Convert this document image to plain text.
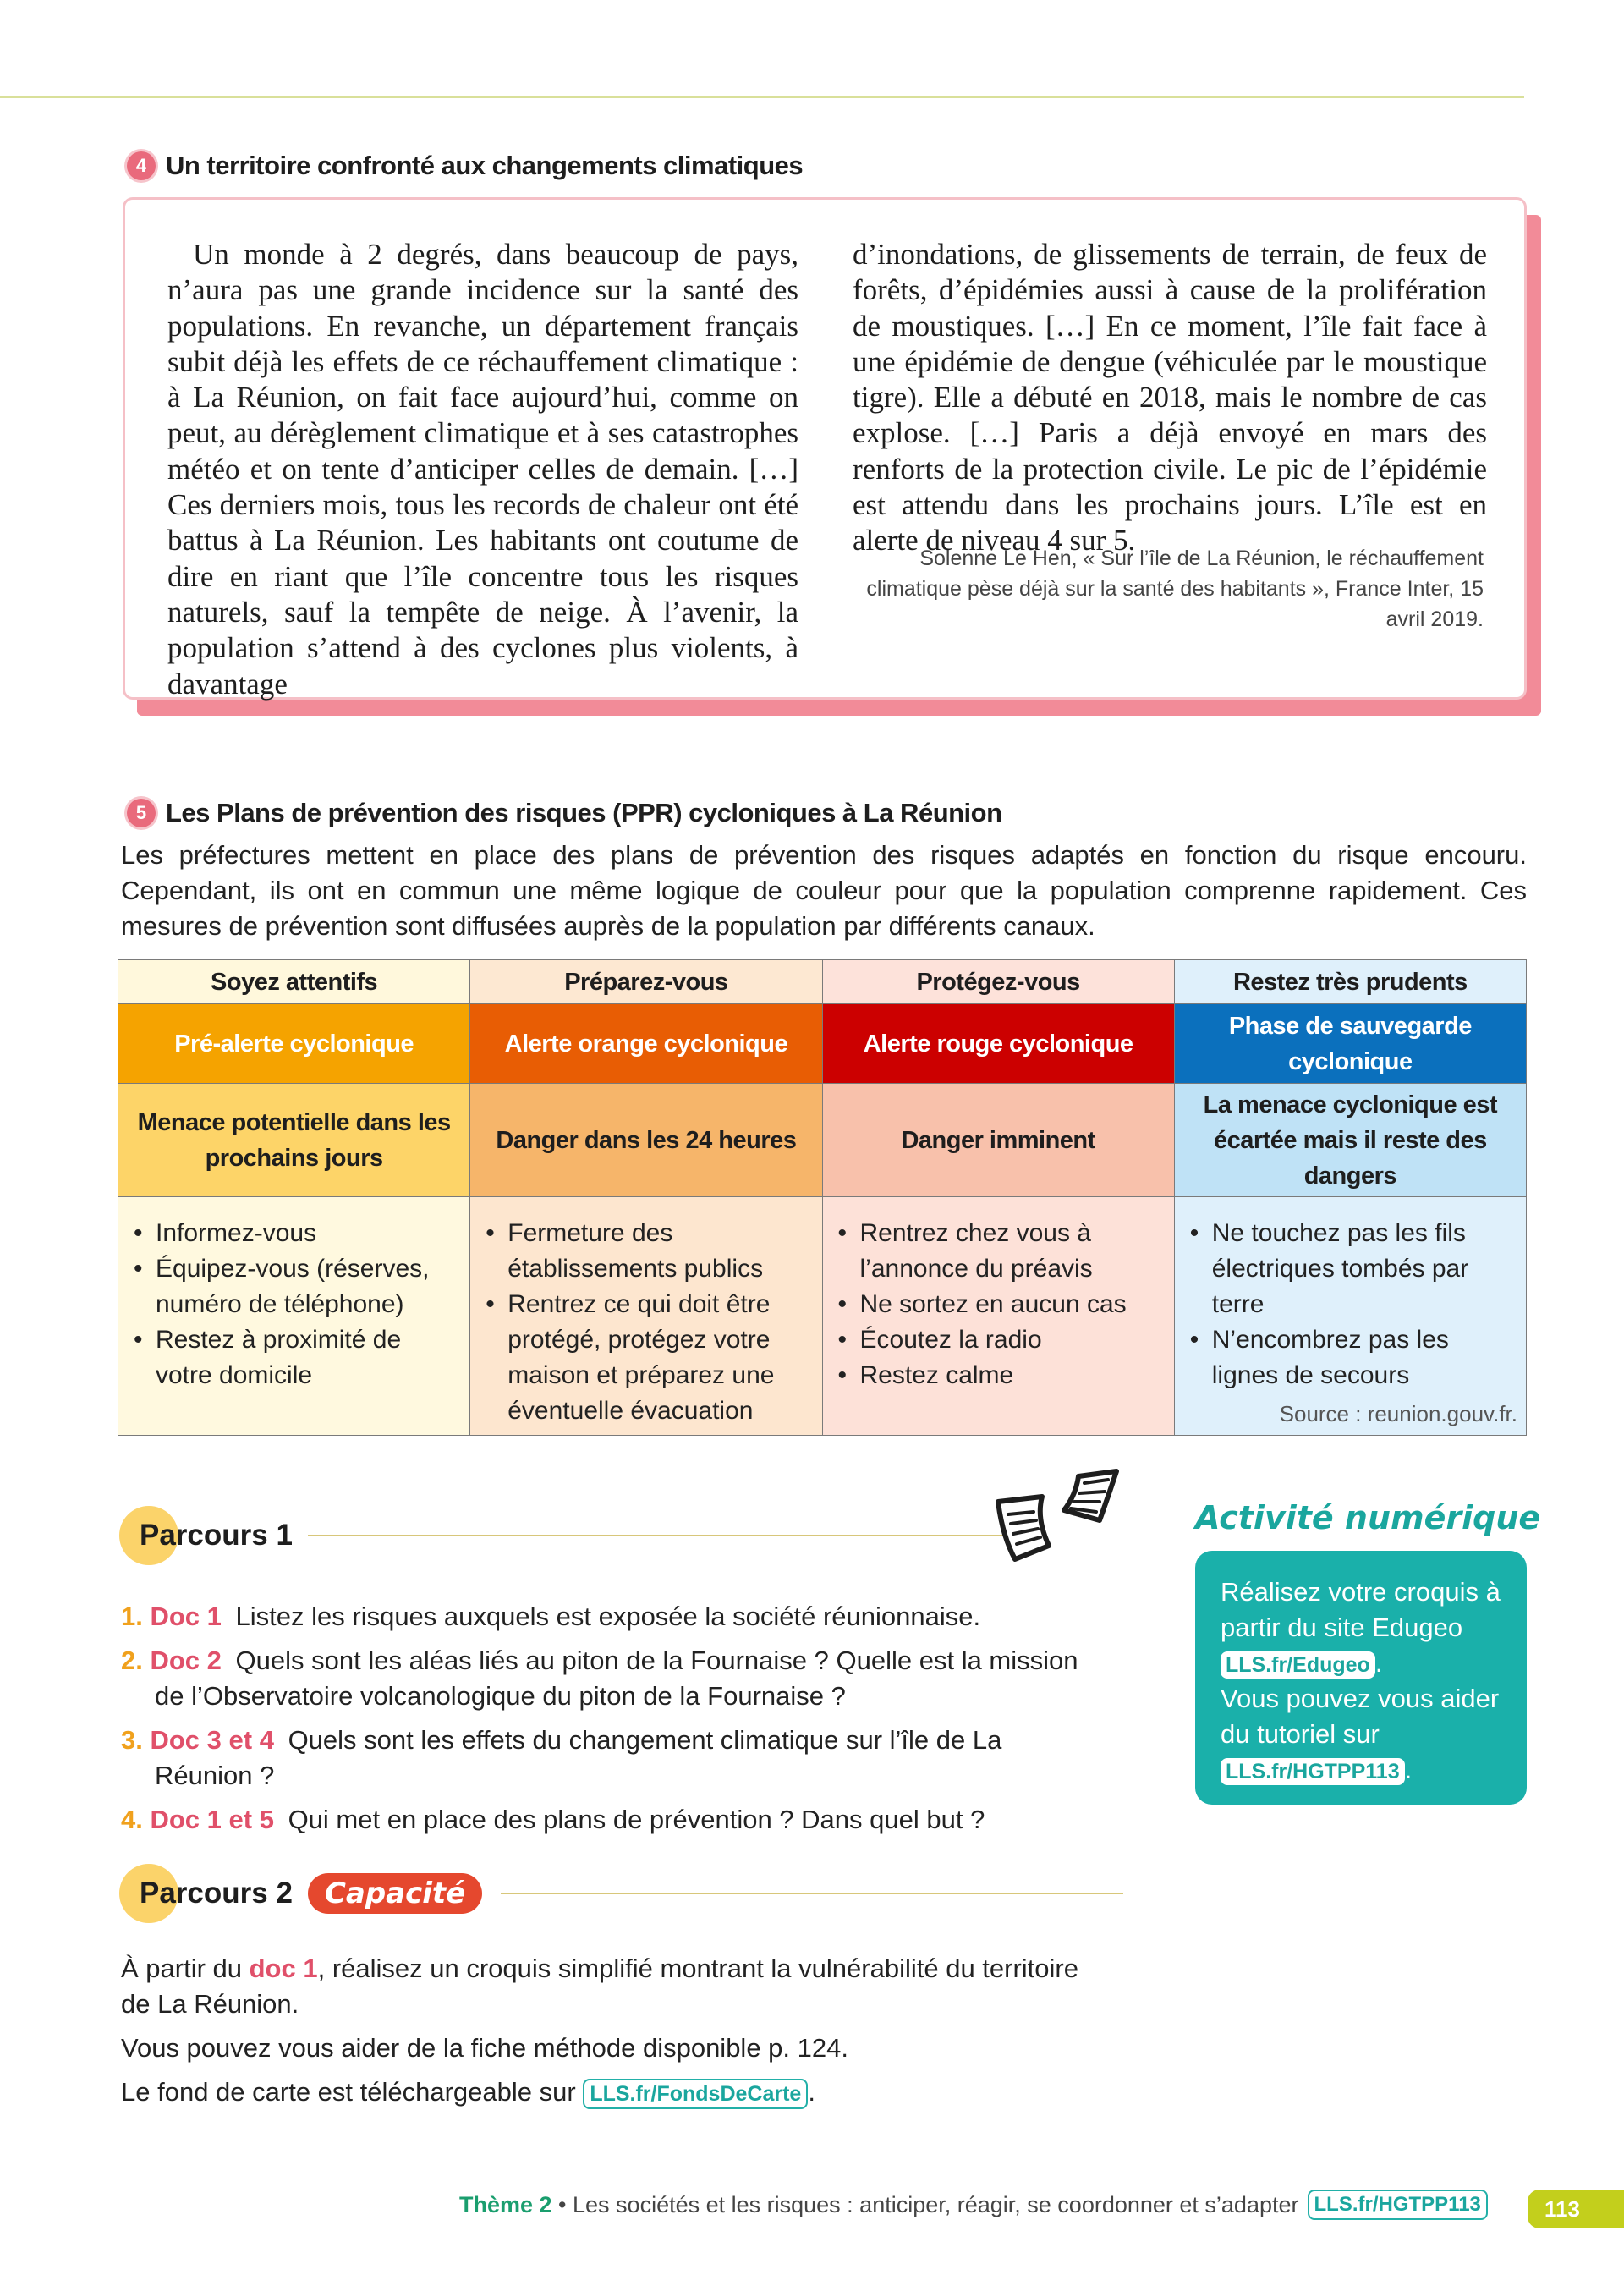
4 Un territoire confronté aux changements climatiques
Un monde à 2 degrés, dans beaucoup de pays, n’aura pas une grande incidence sur la santé des populations. En revanche, un département français subit déjà les effets de ce réchauffement climatique : à La Réunion, on fait face aujourd’hui, comme on peut, au dérèglement climatique et à ses catastrophes météo et on tente d’anticiper celles de demain. […] Ces derniers mois, tous les records de chaleur ont été battus à La Réunion. Les habitants ont coutume de dire en riant que l’île concentre tous les risques naturels, sauf la tempête de neige. À l’avenir, la population s’attend à des cyclones plus violents, à davantage
d’inondations, de glissements de terrain, de feux de forêts, d’épidémies aussi à cause de la prolifération de moustiques. […] En ce moment, l’île fait face à une épidémie de dengue (véhiculée par le moustique tigre). Elle a débuté en 2018, mais le nombre de cas explose. […] Paris a déjà envoyé en mars des renforts de la protection civile. Le pic de l’épidémie est attendu dans les prochains jours. L’île est en alerte de niveau 4 sur 5.
Solenne Le Hen, « Sur l’île de La Réunion, le réchauffement climatique pèse déjà sur la santé des habitants », France Inter, 15 avril 2019.
5 Les Plans de prévention des risques (PPR) cycloniques à La Réunion
Les préfectures mettent en place des plans de prévention des risques adaptés en fonction du risque encouru. Cependant, ils ont en commun une même logique de couleur pour que la population comprenne rapidement. Ces mesures de prévention sont diffusées auprès de la population par différents canaux.
Soyez attentifs	Préparez-vous	Protégez-vous	Restez très prudents
Pré-alerte cyclonique	Alerte orange cyclonique	Alerte rouge cyclonique	Phase de sauvegarde cyclonique
Menace potentielle dans les prochains jours	Danger dans les 24 heures	Danger imminent	La menace cyclonique est écartée mais il reste des dangers

• Informez-vous
• Équipez-vous (réserves, numéro de téléphone)
• Restez à proximité de votre domicile

• Fermeture des établissements publics
• Rentrez ce qui doit être protégé, protégez votre maison et préparez une éventuelle évacuation

• Rentrez chez vous à l’annonce du préavis
• Ne sortez en aucun cas
• Écoutez la radio
• Restez calme

• Ne touchez pas les fils électriques tombés par terre
• N’encombrez pas les lignes de secours
Source : reunion.gouv.fr.
Parcours 1
1. Doc 1 Listez les risques auxquels est exposée la société réunionnaise.
2. Doc 2 Quels sont les aléas liés au piton de la Fournaise ? Quelle est la mission de l’Observatoire volcanologique du piton de la Fournaise ?
3. Doc 3 et 4 Quels sont les effets du changement climatique sur l’île de La Réunion ?
4. Doc 1 et 5 Qui met en place des plans de prévention ? Dans quel but ?
Parcours 2	Capacité

À partir du doc 1, réalisez un croquis simplifié montrant la vulnérabilité du territoire de La Réunion.

Vous pouvez vous aider de la fiche méthode disponible p. 124.

Le fond de carte est téléchargeable sur LLS.fr/FondsDeCarte .

Activité numérique
Réalisez votre croquis à partir du site Edugeo LLS.fr/Edugeo .
Vous pouvez vous aider du tutoriel sur LLS.fr/HGTPP113 .
Thème 2 • Les sociétés et les risques : anticiper, réagir, se coordonner et s’adapter LLS.fr/HGTPP113	113
